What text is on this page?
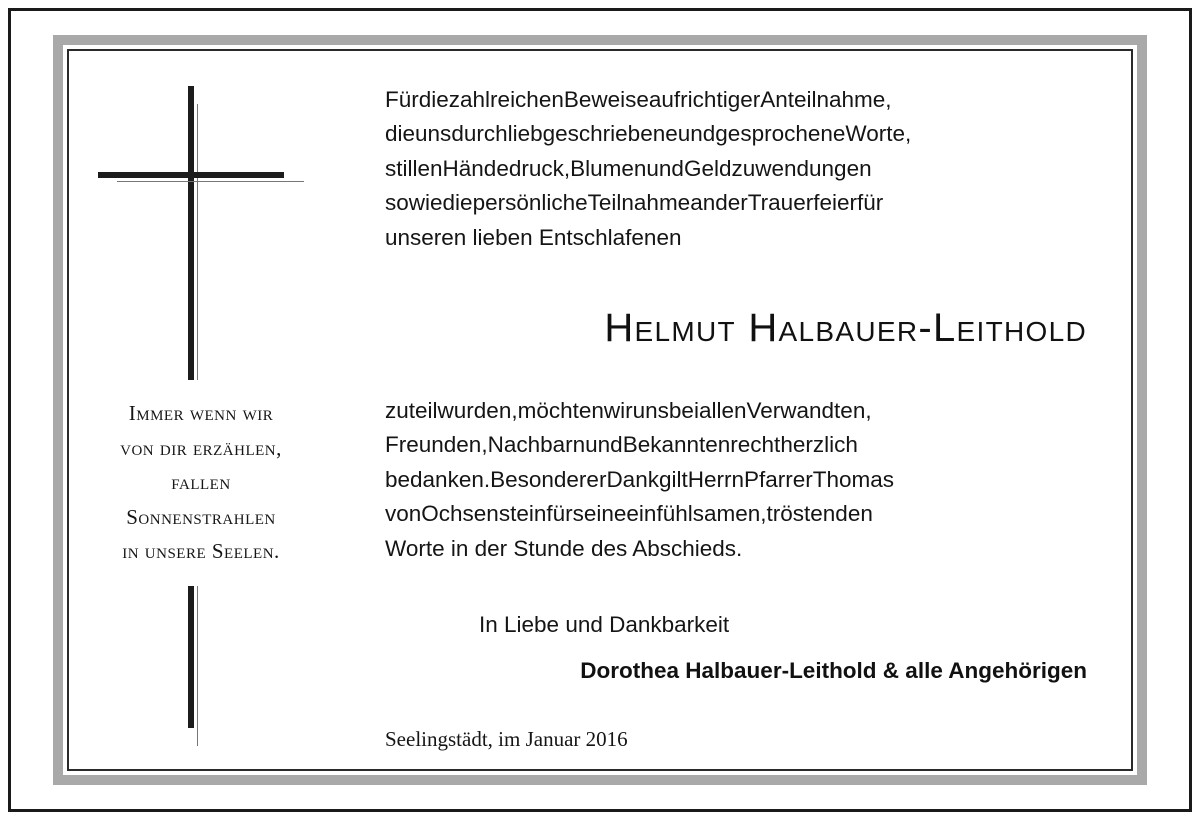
Immer wenn wir
von dir erzählen,
fallen
Sonnenstrahlen
in unsere Seelen.
FürdiezahlreichenBeweiseaufrichtigerAnteilnahme,
dieunsdurchliebgeschriebeneundgesprocheneWorte,
stillenHändedruck,BlumenundGeldzuwendungen
sowiediepersönlicheTeilnahmeanderTrauerfeierfür
unseren lieben Entschlafenen
Helmut Halbauer-Leithold
zuteilwurden,möchtenwirunsbeiallenVerwandten,
Freunden,NachbarnundBekanntenrechtherzlich
bedanken.BesondererDankgiltHerrnPfarrerThomas
vonOchsensteinfürseineeinfühlsamen,tröstenden
Worte in der Stunde des Abschieds.
In Liebe und Dankbarkeit
Dorothea Halbauer-Leithold & alle Angehörigen
Seelingstädt, im Januar 2016
